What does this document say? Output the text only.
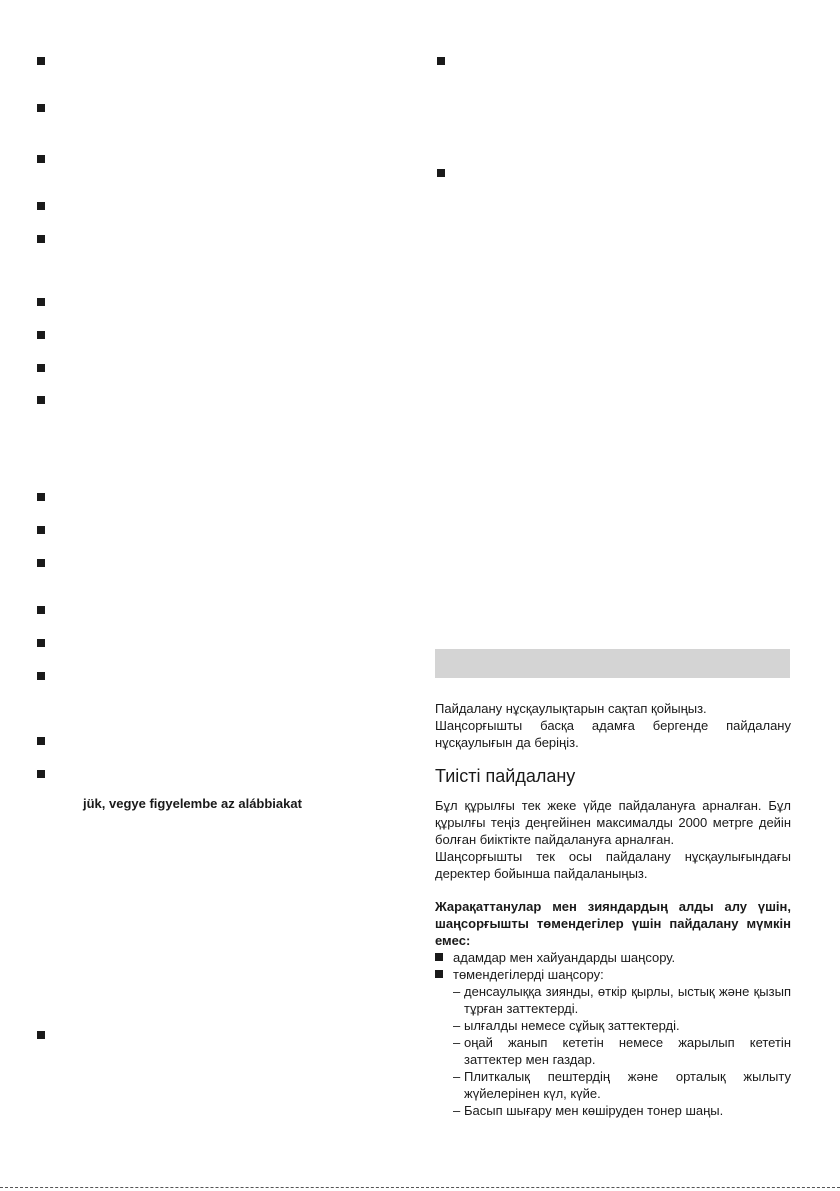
jük, vegye figyelembe az alábbiakat

Пайдалану нұсқаулықтарын сақтап қойыңыз.

Шаңсорғышты басқа адамға бергенде пайдалану нұсқаулығын да беріңіз.

Тиісті пайдалану

Бұл құрылғы тек жеке үйде пайдалануға арналған. Бұл құрылғы теңіз деңгейінен максималды 2000 метрге дейін болған биіктікте пайдалануға арналған.

Шаңсорғышты тек осы пайдалану нұсқаулығындағы деректер бойынша пайдаланыңыз.

Жарақаттанулар мен зияндардың алды алу үшін, шаңсорғышты төмендегілер үшін пайдалану мүмкін емес:

адамдар мен хайуандарды шаңсору.
төмендегілерді шаңсору:
– денсаулыққа зиянды, өткір қырлы, ыстық және қызып тұрған заттектерді.
– ылғалды немесе сұйық заттектерді.
– оңай жанып кететін немесе жарылып кететін заттектер мен газдар.
– Плиткалық пештердің және орталық жылыту жүйелерінен күл, күйе.
– Басып шығару мен көшіруден тонер шаңы.
